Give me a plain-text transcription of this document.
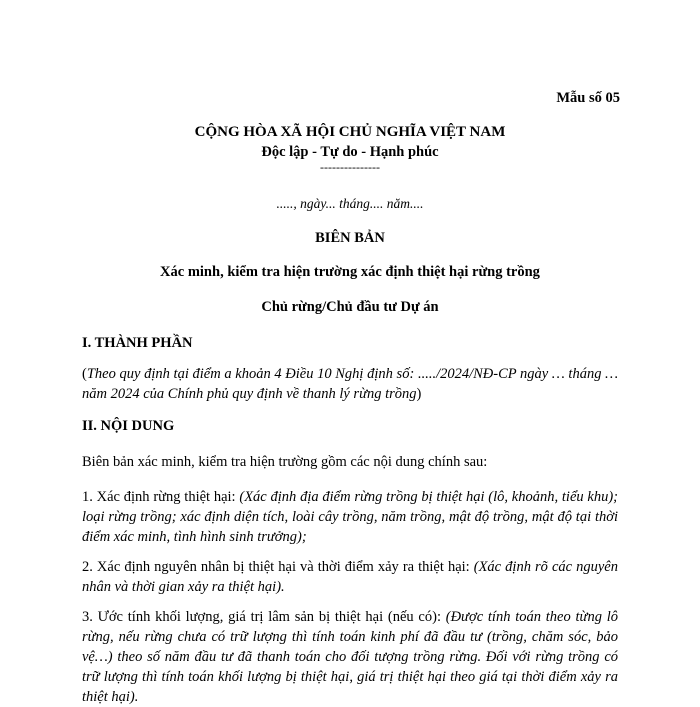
Mẫu số 05
CỘNG HÒA XÃ HỘI CHỦ NGHĨA VIỆT NAM
Độc lập - Tự do - Hạnh phúc
---------------
....., ngày... tháng.... năm....
BIÊN BẢN
Xác minh, kiểm tra hiện trường xác định thiệt hại rừng trồng
Chủ rừng/Chủ đầu tư Dự án
I. THÀNH PHẦN
(Theo quy định tại điểm a khoản 4 Điều 10 Nghị định số: ...../2024/NĐ-CP ngày … tháng … năm 2024 của Chính phủ quy định về thanh lý rừng trồng)
II. NỘI DUNG
Biên bản xác minh, kiểm tra hiện trường gồm các nội dung chính sau:
1. Xác định rừng thiệt hại: (Xác định địa điểm rừng trồng bị thiệt hại (lô, khoảnh, tiểu khu); loại rừng trồng; xác định diện tích, loài cây trồng, năm trồng, mật độ trồng, mật độ tại thời điểm xác minh, tình hình sinh trưởng);
2. Xác định nguyên nhân bị thiệt hại và thời điểm xảy ra thiệt hại: (Xác định rõ các nguyên nhân và thời gian xảy ra thiệt hại).
3. Ước tính khối lượng, giá trị lâm sản bị thiệt hại (nếu có): (Được tính toán theo từng lô rừng, nếu rừng chưa có trữ lượng thì tính toán kinh phí đã đầu tư (trồng, chăm sóc, bảo vệ…) theo số năm đầu tư đã thanh toán cho đối tượng trồng rừng. Đối với rừng trồng có trữ lượng thì tính toán khối lượng bị thiệt hại, giá trị thiệt hại theo giá tại thời điểm xảy ra thiệt hại).
